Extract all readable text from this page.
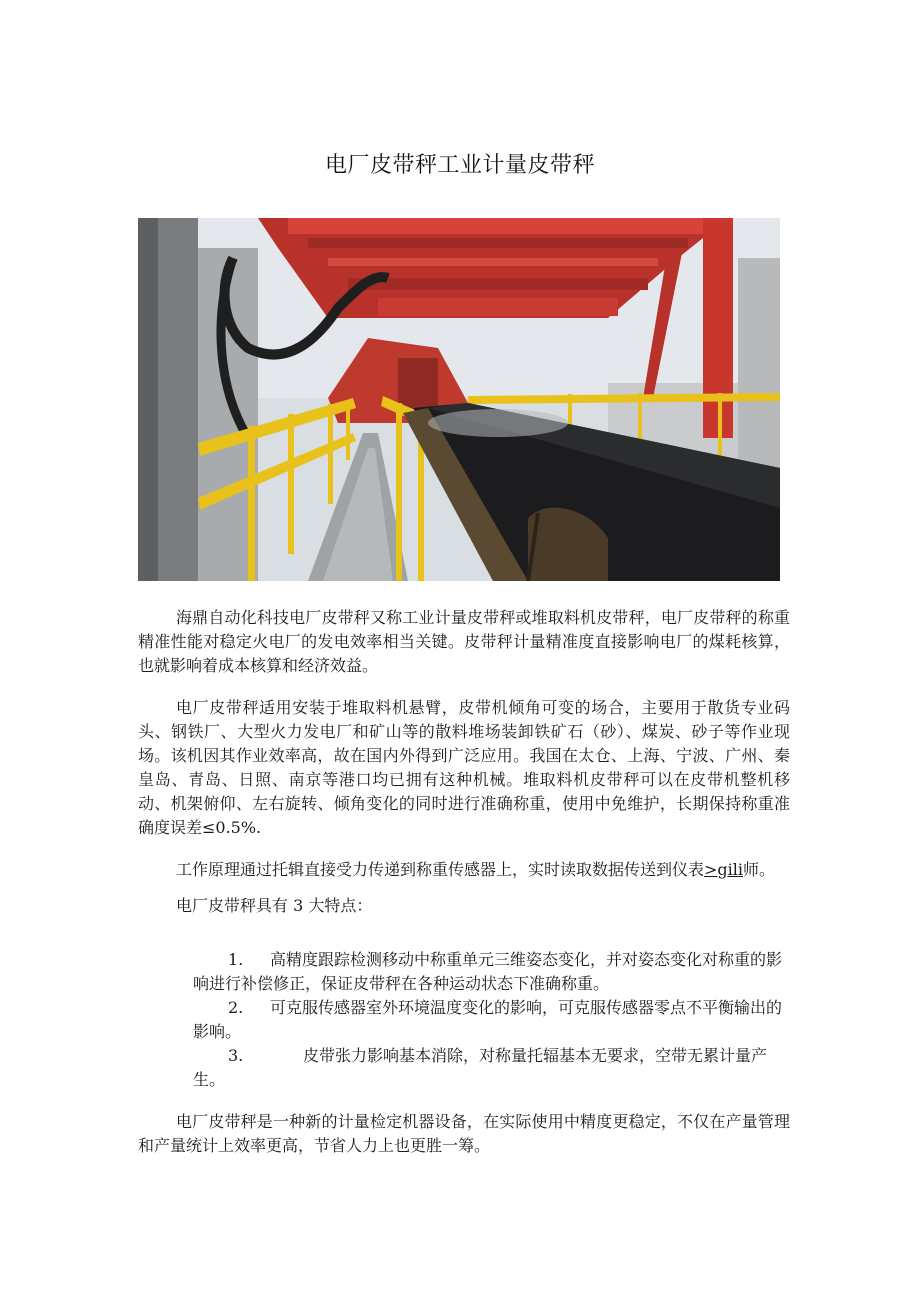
电厂皮带秤工业计量皮带秤

海鼎自动化科技电厂皮带秤又称工业计量皮带秤或堆取料机皮带秤，电厂皮带秤的称重精准性能对稳定火电厂的发电效率相当关键。皮带秤计量精准度直接影响电厂的煤耗核算，也就影响着成本核算和经济效益。

电厂皮带秤适用安装于堆取料机悬臂，皮带机倾角可变的场合，主要用于散货专业码头、钢铁厂、大型火力发电厂和矿山等的散料堆场装卸铁矿石（砂）、煤炭、砂子等作业现场。该机因其作业效率高，故在国内外得到广泛应用。我国在太仓、上海、宁波、广州、秦皇岛、青岛、日照、南京等港口均已拥有这种机械。堆取料机皮带秤可以在皮带机整机移动、机架俯仰、左右旋转、倾角变化的同时进行准确称重，使用中免维护，长期保持称重准确度误差≤0.5%.

工作原理通过托辑直接受力传递到称重传感器上，实时读取数据传送到仪表>gili师。

电厂皮带秤具有 3 大特点：

1. 高精度跟踪检测移动中称重单元三维姿态变化，并对姿态变化对称重的影响进行补偿修正，保证皮带秤在各种运动状态下准确称重。
2. 可克服传感器室外环境温度变化的影响，可克服传感器零点不平衡输出的影响。
3.	皮带张力影响基本消除，对称量托辐基本无要求，空带无累计量产生。

电厂皮带秤是一种新的计量检定机器设备，在实际使用中精度更稳定，不仅在产量管理和产量统计上效率更高，节省人力上也更胜一筹。
